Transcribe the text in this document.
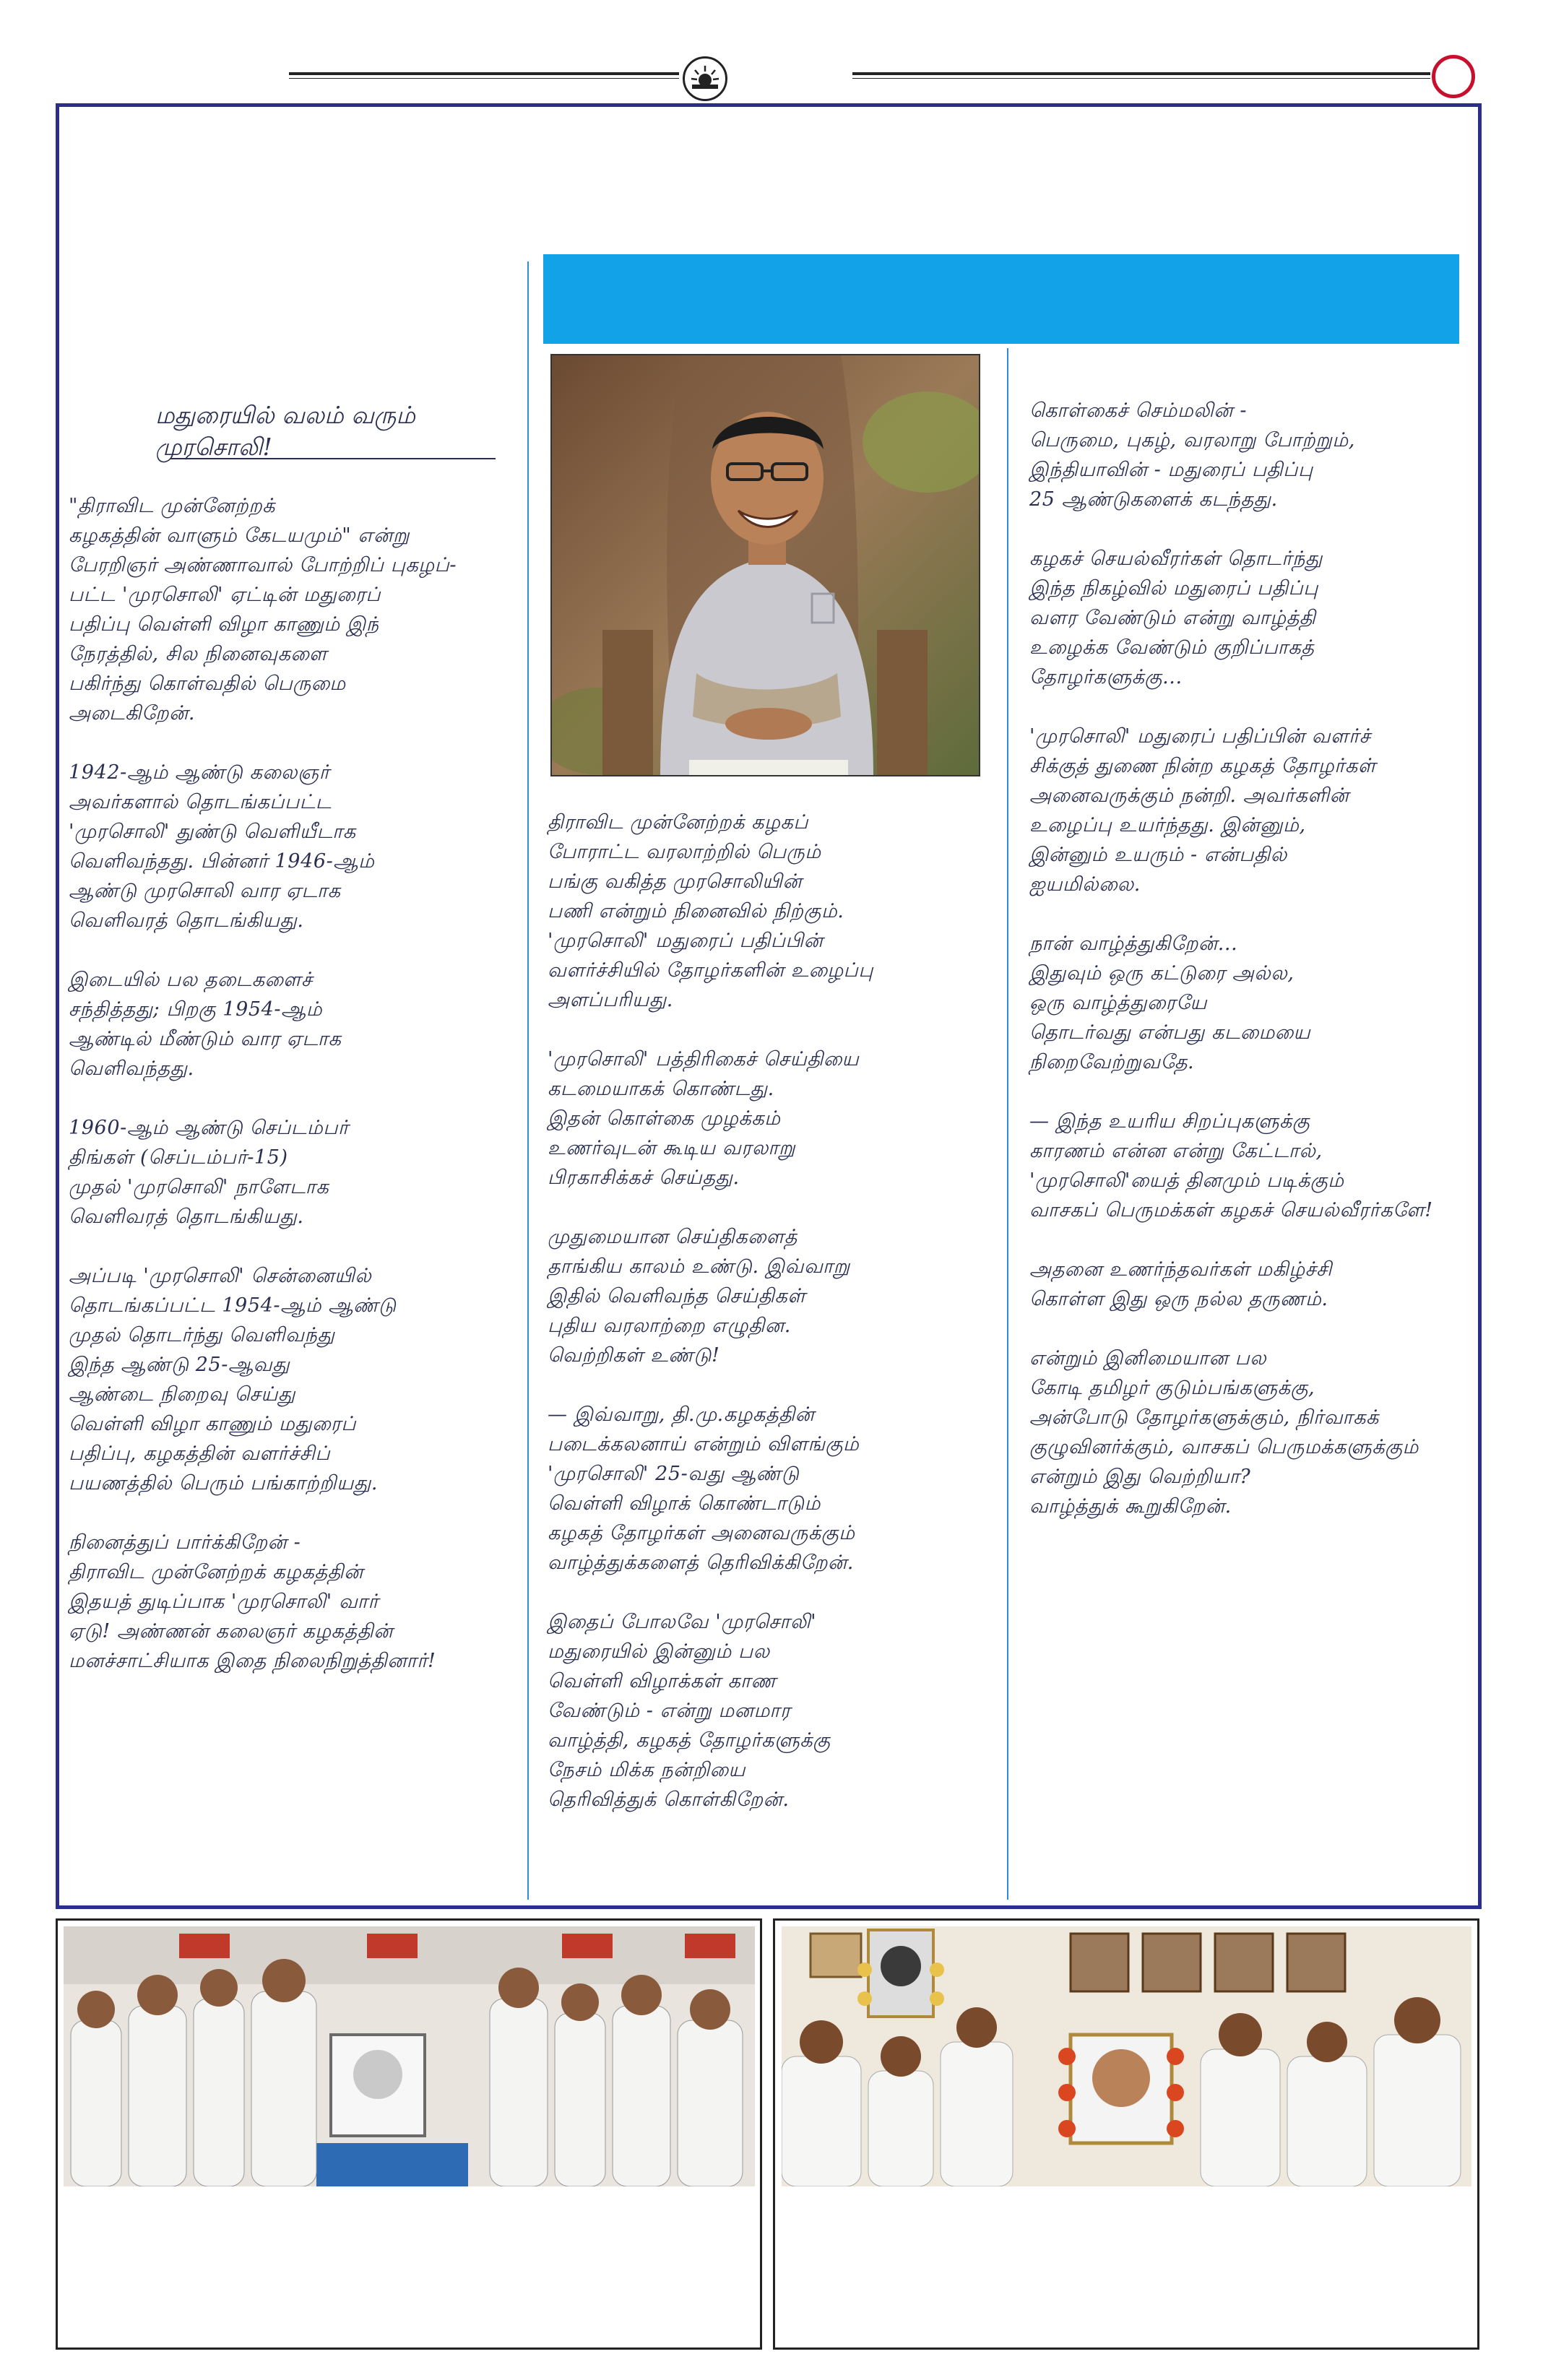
மதுரையில் வலம் வரும் முரசொலி!
"திராவிட முன்னேற்றக்
கழகத்தின் வாளும் கேடயமும்" என்று
பேரறிஞர் அண்ணாவால் போற்றிப் புகழப்-
பட்ட 'முரசொலி' ஏட்டின் மதுரைப்
பதிப்பு வெள்ளி விழா காணும் இந்
நேரத்தில், சில நினைவுகளை
பகிர்ந்து கொள்வதில் பெருமை
அடைகிறேன்.

1942-ஆம் ஆண்டு கலைஞர்
அவர்களால் தொடங்கப்பட்ட
'முரசொலி' துண்டு வெளியீடாக
வெளிவந்தது. பின்னர் 1946-ஆம்
ஆண்டு முரசொலி வார ஏடாக
வெளிவரத் தொடங்கியது.

இடையில் பல தடைகளைச்
சந்தித்தது; பிறகு 1954-ஆம்
ஆண்டில் மீண்டும் வார ஏடாக
வெளிவந்தது.

1960-ஆம் ஆண்டு செப்டம்பர்
திங்கள் (செப்டம்பர்-15)
முதல் 'முரசொலி' நாளேடாக
வெளிவரத் தொடங்கியது.

அப்படி 'முரசொலி' சென்னையில்
தொடங்கப்பட்ட 1954-ஆம் ஆண்டு
முதல் தொடர்ந்து வெளிவந்து
இந்த ஆண்டு 25-ஆவது
ஆண்டை நிறைவு செய்து
வெள்ளி விழா காணும் மதுரைப்
பதிப்பு, கழகத்தின் வளர்ச்சிப்
பயணத்தில் பெரும் பங்காற்றியது.

நினைத்துப் பார்க்கிறேன் -
திராவிட முன்னேற்றக் கழகத்தின்
இதயத் துடிப்பாக 'முரசொலி' வார்
ஏடு! அண்ணன் கலைஞர் கழகத்தின்
மனச்சாட்சியாக இதை நிலைநிறுத்தினார்!
திராவிட முன்னேற்றக் கழகப்
போராட்ட வரலாற்றில் பெரும்
பங்கு வகித்த முரசொலியின்
பணி என்றும் நினைவில் நிற்கும்.
'முரசொலி' மதுரைப் பதிப்பின்
வளர்ச்சியில் தோழர்களின் உழைப்பு
அளப்பரியது.

'முரசொலி' பத்திரிகைச் செய்தியை
கடமையாகக் கொண்டது.
இதன் கொள்கை முழக்கம்
உணர்வுடன் கூடிய வரலாறு
பிரகாசிக்கச் செய்தது.

முதுமையான செய்திகளைத்
தாங்கிய காலம் உண்டு. இவ்வாறு
இதில் வெளிவந்த செய்திகள்
புதிய வரலாற்றை எழுதின.
வெற்றிகள் உண்டு!

— இவ்வாறு, தி.மு.கழகத்தின்
படைக்கலனாய் என்றும் விளங்கும்
'முரசொலி' 25-வது ஆண்டு
வெள்ளி விழாக் கொண்டாடும்
கழகத் தோழர்கள் அனைவருக்கும்
வாழ்த்துக்களைத் தெரிவிக்கிறேன்.

இதைப் போலவே 'முரசொலி'
மதுரையில் இன்னும் பல
வெள்ளி விழாக்கள் காண
வேண்டும் - என்று மனமார
வாழ்த்தி, கழகத் தோழர்களுக்கு
நேசம் மிக்க நன்றியை
தெரிவித்துக் கொள்கிறேன்.
கொள்கைச் செம்மலின் -
பெருமை, புகழ், வரலாறு போற்றும்,
இந்தியாவின் - மதுரைப் பதிப்பு
25 ஆண்டுகளைக் கடந்தது.

கழகச் செயல்வீரர்கள் தொடர்ந்து
இந்த நிகழ்வில் மதுரைப் பதிப்பு
வளர வேண்டும் என்று வாழ்த்தி
உழைக்க வேண்டும் குறிப்பாகத்
தோழர்களுக்கு...

'முரசொலி' மதுரைப் பதிப்பின் வளர்ச்
சிக்குத் துணை நின்ற கழகத் தோழர்கள்
அனைவருக்கும் நன்றி. அவர்களின்
உழைப்பு உயர்ந்தது. இன்னும்,
இன்னும் உயரும் - என்பதில்
ஐயமில்லை.

நான் வாழ்த்துகிறேன்...
இதுவும் ஒரு கட்டுரை அல்ல,
ஒரு வாழ்த்துரையே
தொடர்வது என்பது கடமையை
நிறைவேற்றுவதே.

— இந்த உயரிய சிறப்புகளுக்கு
காரணம் என்ன என்று கேட்டால்,
'முரசொலி'யைத் தினமும் படிக்கும்
வாசகப் பெருமக்கள் கழகச் செயல்வீரர்களே!

அதனை உணர்ந்தவர்கள் மகிழ்ச்சி
கொள்ள இது ஒரு நல்ல தருணம்.

என்றும் இனிமையான பல
கோடி தமிழர் குடும்பங்களுக்கு,
அன்போடு தோழர்களுக்கும், நிர்வாகக்
குழுவினர்க்கும், வாசகப் பெருமக்களுக்கும்
என்றும் இது வெற்றியா?
வாழ்த்துக் கூறுகிறேன்.
